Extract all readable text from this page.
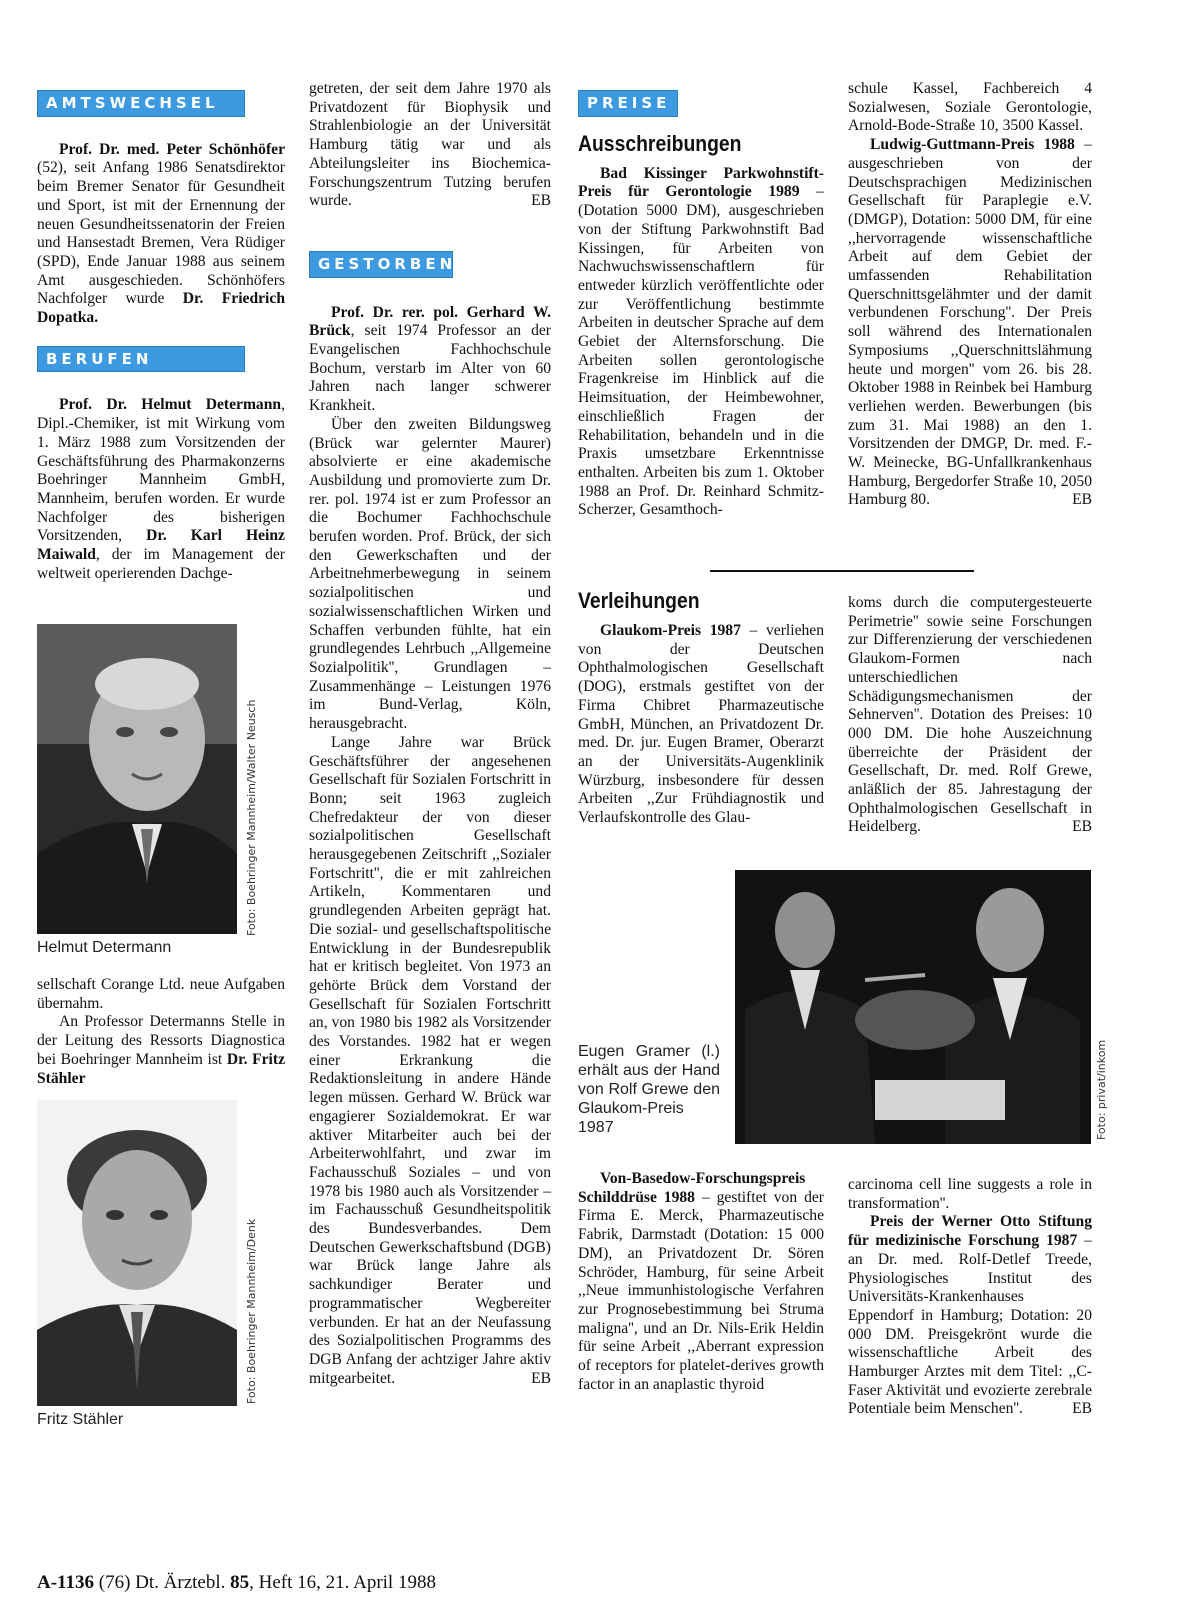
AMTSWECHSEL

Prof. Dr. med. Peter Schönhöfer (52), seit Anfang 1986 Senatsdirektor beim Bremer Senator für Gesundheit und Sport, ist mit der Ernennung der neuen Gesundheitssenatorin der Freien und Hansestadt Bremen, Vera Rüdiger (SPD), Ende Januar 1988 aus seinem Amt ausgeschieden. Schönhöfers Nachfolger wurde Dr. Friedrich Dopatka.

BERUFEN

Prof. Dr. Helmut Determann, Dipl.-Chemiker, ist mit Wirkung vom 1. März 1988 zum Vorsitzenden der Geschäftsführung des Pharmakonzerns Boehringer Mannheim GmbH, Mannheim, berufen worden. Er wurde Nachfolger des bisherigen Vorsitzenden, Dr. Karl Heinz Maiwald, der im Management der weltweit operierenden Dachge-

Foto: Boehringer Mannheim/Walter Neusch
Helmut Determann

sellschaft Corange Ltd. neue Aufgaben übernahm.

An Professor Determanns Stelle in der Leitung des Ressorts Diagnostica bei Boehringer Mannheim ist Dr. Fritz Stähler

Foto: Boehringer Mannheim/Denk
Fritz Stähler

getreten, der seit dem Jahre 1970 als Privatdozent für Biophysik und Strahlenbiologie an der Universität Hamburg tätig war und als Abteilungsleiter ins Biochemica-Forschungszentrum Tutzing berufen wurde.	EB

GESTORBEN

Prof. Dr. rer. pol. Gerhard W. Brück, seit 1974 Professor an der Evangelischen Fachhochschule Bochum, verstarb im Alter von 60 Jahren nach langer schwerer Krankheit.

Über den zweiten Bildungsweg (Brück war gelernter Maurer) absolvierte er eine akademische Ausbildung und promovierte zum Dr. rer. pol. 1974 ist er zum Professor an die Bochumer Fachhochschule berufen worden. Prof. Brück, der sich den Gewerkschaften und der Arbeitnehmerbewegung in seinem sozialpolitischen und sozialwissenschaftlichen Wirken und Schaffen verbunden fühlte, hat ein grundlegendes Lehrbuch ,,Allgemeine Sozialpolitik'', Grundlagen – Zusammenhänge – Leistungen 1976 im Bund-Verlag, Köln, herausgebracht.

Lange Jahre war Brück Geschäftsführer der angesehenen Gesellschaft für Sozialen Fortschritt in Bonn; seit 1963 zugleich Chefredakteur der von dieser sozialpolitischen Gesellschaft herausgegebenen Zeitschrift ,,Sozialer Fortschritt'', die er mit zahlreichen Artikeln, Kommentaren und grundlegenden Arbeiten geprägt hat. Die sozial- und gesellschaftspolitische Entwicklung in der Bundesrepublik hat er kritisch begleitet. Von 1973 an gehörte Brück dem Vorstand der Gesellschaft für Sozialen Fortschritt an, von 1980 bis 1982 als Vorsitzender des Vorstandes. 1982 hat er wegen einer Erkrankung die Redaktionsleitung in andere Hände legen müssen. Gerhard W. Brück war engagierer Sozialdemokrat. Er war aktiver Mitarbeiter auch bei der Arbeiterwohlfahrt, und zwar im Fachausschuß Soziales – und von 1978 bis 1980 auch als Vorsitzender – im Fachausschuß Gesundheitspolitik des Bundesverbandes. Dem Deutschen Gewerkschaftsbund (DGB) war Brück lange Jahre als sachkundiger Berater und programmatischer Wegbereiter verbunden. Er hat an der Neufassung des Sozialpolitischen Programms des DGB Anfang der achtziger Jahre aktiv mitgearbeitet.	EB

PREISE
Ausschreibungen

Bad Kissinger Parkwohnstift-Preis für Gerontologie 1989 – (Dotation 5000 DM), ausgeschrieben von der Stiftung Parkwohnstift Bad Kissingen, für Arbeiten von Nachwuchswissenschaftlern für entweder kürzlich veröffentlichte oder zur Veröffentlichung bestimmte Arbeiten in deutscher Sprache auf dem Gebiet der Alternsforschung. Die Arbeiten sollen gerontologische Fragenkreise im Hinblick auf die Heimsituation, der Heimbewohner, einschließlich Fragen der Rehabilitation, behandeln und in die Praxis umsetzbare Erkenntnisse enthalten. Arbeiten bis zum 1. Oktober 1988 an Prof. Dr. Reinhard Schmitz-Scherzer, Gesamthoch-

Verleihungen

Glaukom-Preis 1987 – verliehen von der Deutschen Ophthalmologischen Gesellschaft (DOG), erstmals gestiftet von der Firma Chibret Pharmazeutische GmbH, München, an Privatdozent Dr. med. Dr. jur. Eugen Bramer, Oberarzt an der Universitäts-Augenklinik Würzburg, insbesondere für dessen Arbeiten ,,Zur Frühdiagnostik und Verlaufskontrolle des Glau-

Foto: privat/inkom
Eugen Gramer (l.) erhält aus der Hand von Rolf Grewe den Glaukom-Preis 1987

Von-Basedow-Forschungspreis Schilddrüse 1988 – gestiftet von der Firma E. Merck, Pharmazeutische Fabrik, Darmstadt (Dotation: 15 000 DM), an Privatdozent Dr. Sören Schröder, Hamburg, für seine Arbeit ,,Neue immunhistologische Verfahren zur Prognosebestimmung bei Struma maligna'', und an Dr. Nils-Erik Heldin für seine Arbeit ,,Aberrant expression of receptors for platelet-derives growth factor in an anaplastic thyroid

schule Kassel, Fachbereich 4 Sozialwesen, Soziale Gerontologie, Arnold-Bode-Straße 10, 3500 Kassel.

Ludwig-Guttmann-Preis 1988 – ausgeschrieben von der Deutschsprachigen Medizinischen Gesellschaft für Paraplegie e.V. (DMGP), Dotation: 5000 DM, für eine ,,hervorragende wissenschaftliche Arbeit auf dem Gebiet der umfassenden Rehabilitation Querschnittsgelähmter und der damit verbundenen Forschung''. Der Preis soll während des Internationalen Symposiums ,,Querschnittslähmung heute und morgen'' vom 26. bis 28. Oktober 1988 in Reinbek bei Hamburg verliehen werden. Bewerbungen (bis zum 31. Mai 1988) an den 1. Vorsitzenden der DMGP, Dr. med. F.-W. Meinecke, BG-Unfallkrankenhaus Hamburg, Bergedorfer Straße 10, 2050 Hamburg 80.	EB

koms durch die computergesteuerte Perimetrie'' sowie seine Forschungen zur Differenzierung der verschiedenen Glaukom-Formen nach unterschiedlichen Schädigungsmechanismen der Sehnerven''. Dotation des Preises: 10 000 DM. Die hohe Auszeichnung überreichte der Präsident der Gesellschaft, Dr. med. Rolf Grewe, anläßlich der 85. Jahrestagung der Ophthalmologischen Gesellschaft in Heidelberg.	EB

carcinoma cell line suggests a role in transformation''.

Preis der Werner Otto Stiftung für medizinische Forschung 1987 – an Dr. med. Rolf-Detlef Treede, Physiologisches Institut des Universitäts-Krankenhauses Eppendorf in Hamburg; Dotation: 20 000 DM. Preisgekrönt wurde die wissenschaftliche Arbeit des Hamburger Arztes mit dem Titel: ,,C-Faser Aktivität und evozierte zerebrale Potentiale beim Menschen''.	EB

A-1136 (76) Dt. Ärztebl. 85, Heft 16, 21. April 1988
